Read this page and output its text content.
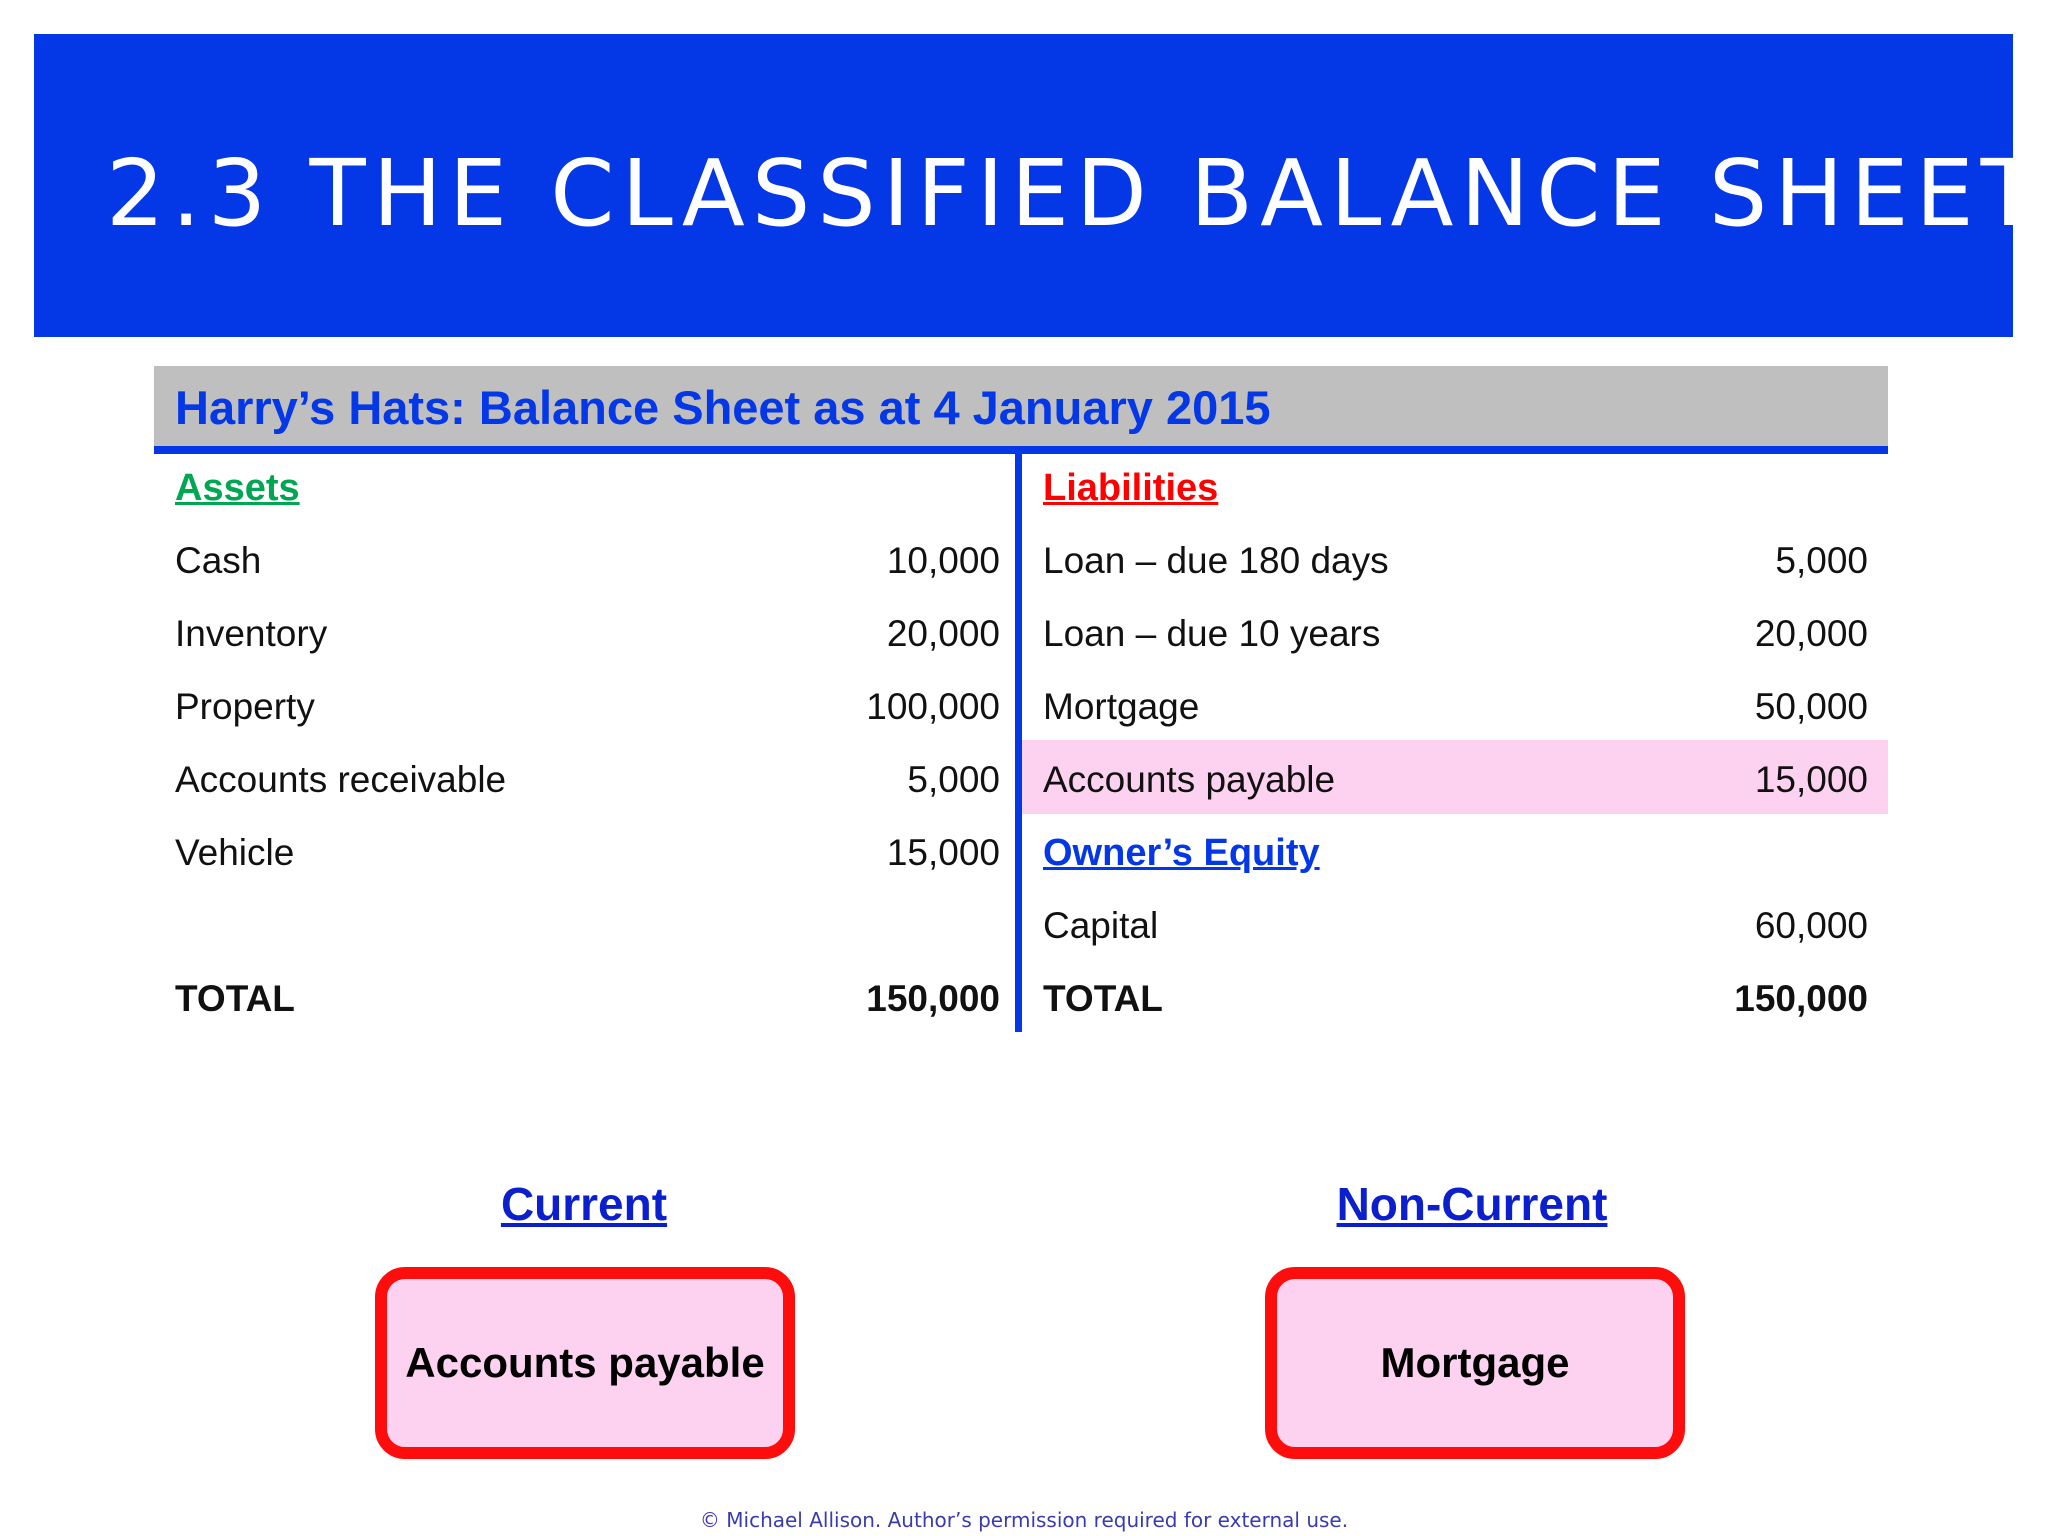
2.3 THE CLASSIFIED BALANCE SHEET
Harry’s Hats: Balance Sheet as at 4 January 2015
Assets
Cash	10,000
Inventory	20,000
Property	100,000
Accounts receivable	5,000
Vehicle	15,000
TOTAL	150,000
Liabilities
Loan – due 180 days	5,000
Loan – due 10 years	20,000
Mortgage	50,000
Accounts payable	15,000
Owner’s Equity
Capital	60,000
TOTAL	150,000
Current
Accounts payable
Non-Current
Mortgage
© Michael Allison. Author’s permission required for external use.
